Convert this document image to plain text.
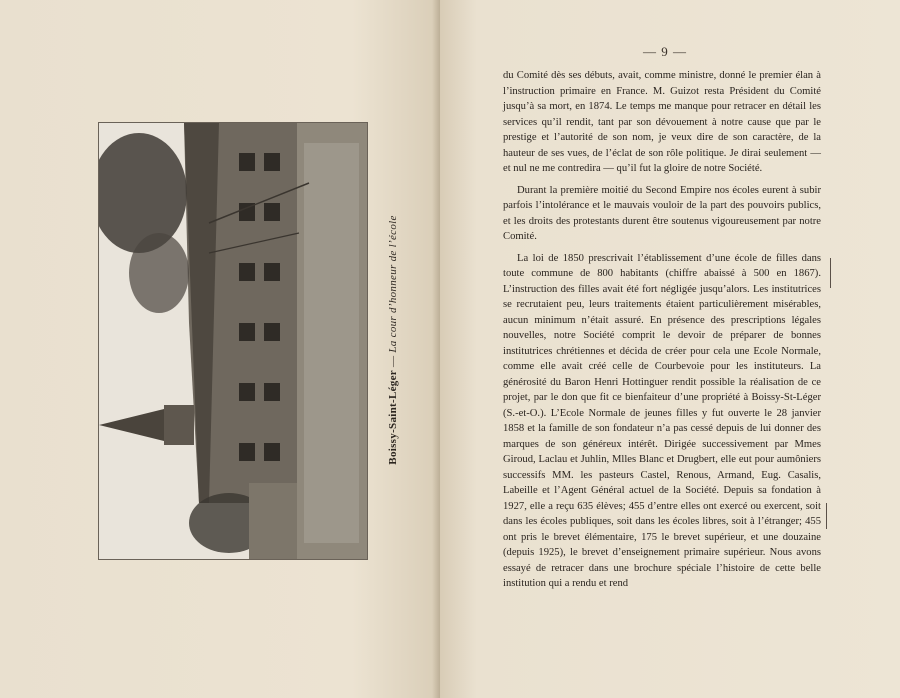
Boissy-Saint-Léger — La cour d’honneur de l’école
— 9 —

du Comité dès ses débuts, avait, comme ministre, donné le premier élan à l’instruction primaire en France. M. Guizot resta Président du Comité jusqu’à sa mort, en 1874. Le temps me manque pour retracer en détail les services qu’il rendit, tant par son dévouement à notre cause que par le prestige et l’autorité de son nom, je veux dire de son caractère, de la hauteur de ses vues, de l’éclat de son rôle politique. Je dirai seulement — et nul ne me contredira — qu’il fut la gloire de notre Société.

Durant la première moitié du Second Empire nos écoles eurent à subir parfois l’intolérance et le mauvais vouloir de la part des pouvoirs publics, et les droits des protestants durent être soutenus vigoureusement par notre Comité.

La loi de 1850 prescrivait l’établissement d’une école de filles dans toute commune de 800 habitants (chiffre abaissé à 500 en 1867). L’instruction des filles avait été fort négligée jusqu’alors. Les institutrices se recrutaient peu, leurs traitements étaient particulièrement misérables, aucun minimum n’était assuré. En présence des prescriptions légales nouvelles, notre Société comprit le devoir de préparer de bonnes institutrices chrétiennes et décida de créer pour cela une Ecole Normale, comme elle avait créé celle de Courbevoie pour les instituteurs. La générosité du Baron Henri Hottinguer rendit possible la réalisation de ce projet, par le don que fit ce bienfaiteur d’une propriété à Boissy-St-Léger (S.-et-O.). L’Ecole Normale de jeunes filles y fut ouverte le 28 janvier 1858 et la famille de son fondateur n’a pas cessé depuis de lui donner des marques de son généreux intérêt. Dirigée successivement par Mmes Giroud, Laclau et Juhlin, Mlles Blanc et Drugbert, elle eut pour aumôniers successifs MM. les pasteurs Castel, Renous, Armand, Eug. Casalis, Labeille et l’Agent Général actuel de la Société. Depuis sa fondation à 1927, elle a reçu 635 élèves; 455 d’entre elles ont exercé ou exercent, soit dans les écoles publiques, soit dans les écoles libres, soit à l’étranger; 455 ont pris le brevet élémentaire, 175 le brevet supérieur, et une douzaine (depuis 1925), le brevet d’enseignement primaire supérieur. Nous avons essayé de retracer dans une brochure spéciale l’histoire de cette belle institution qui a rendu et rend
